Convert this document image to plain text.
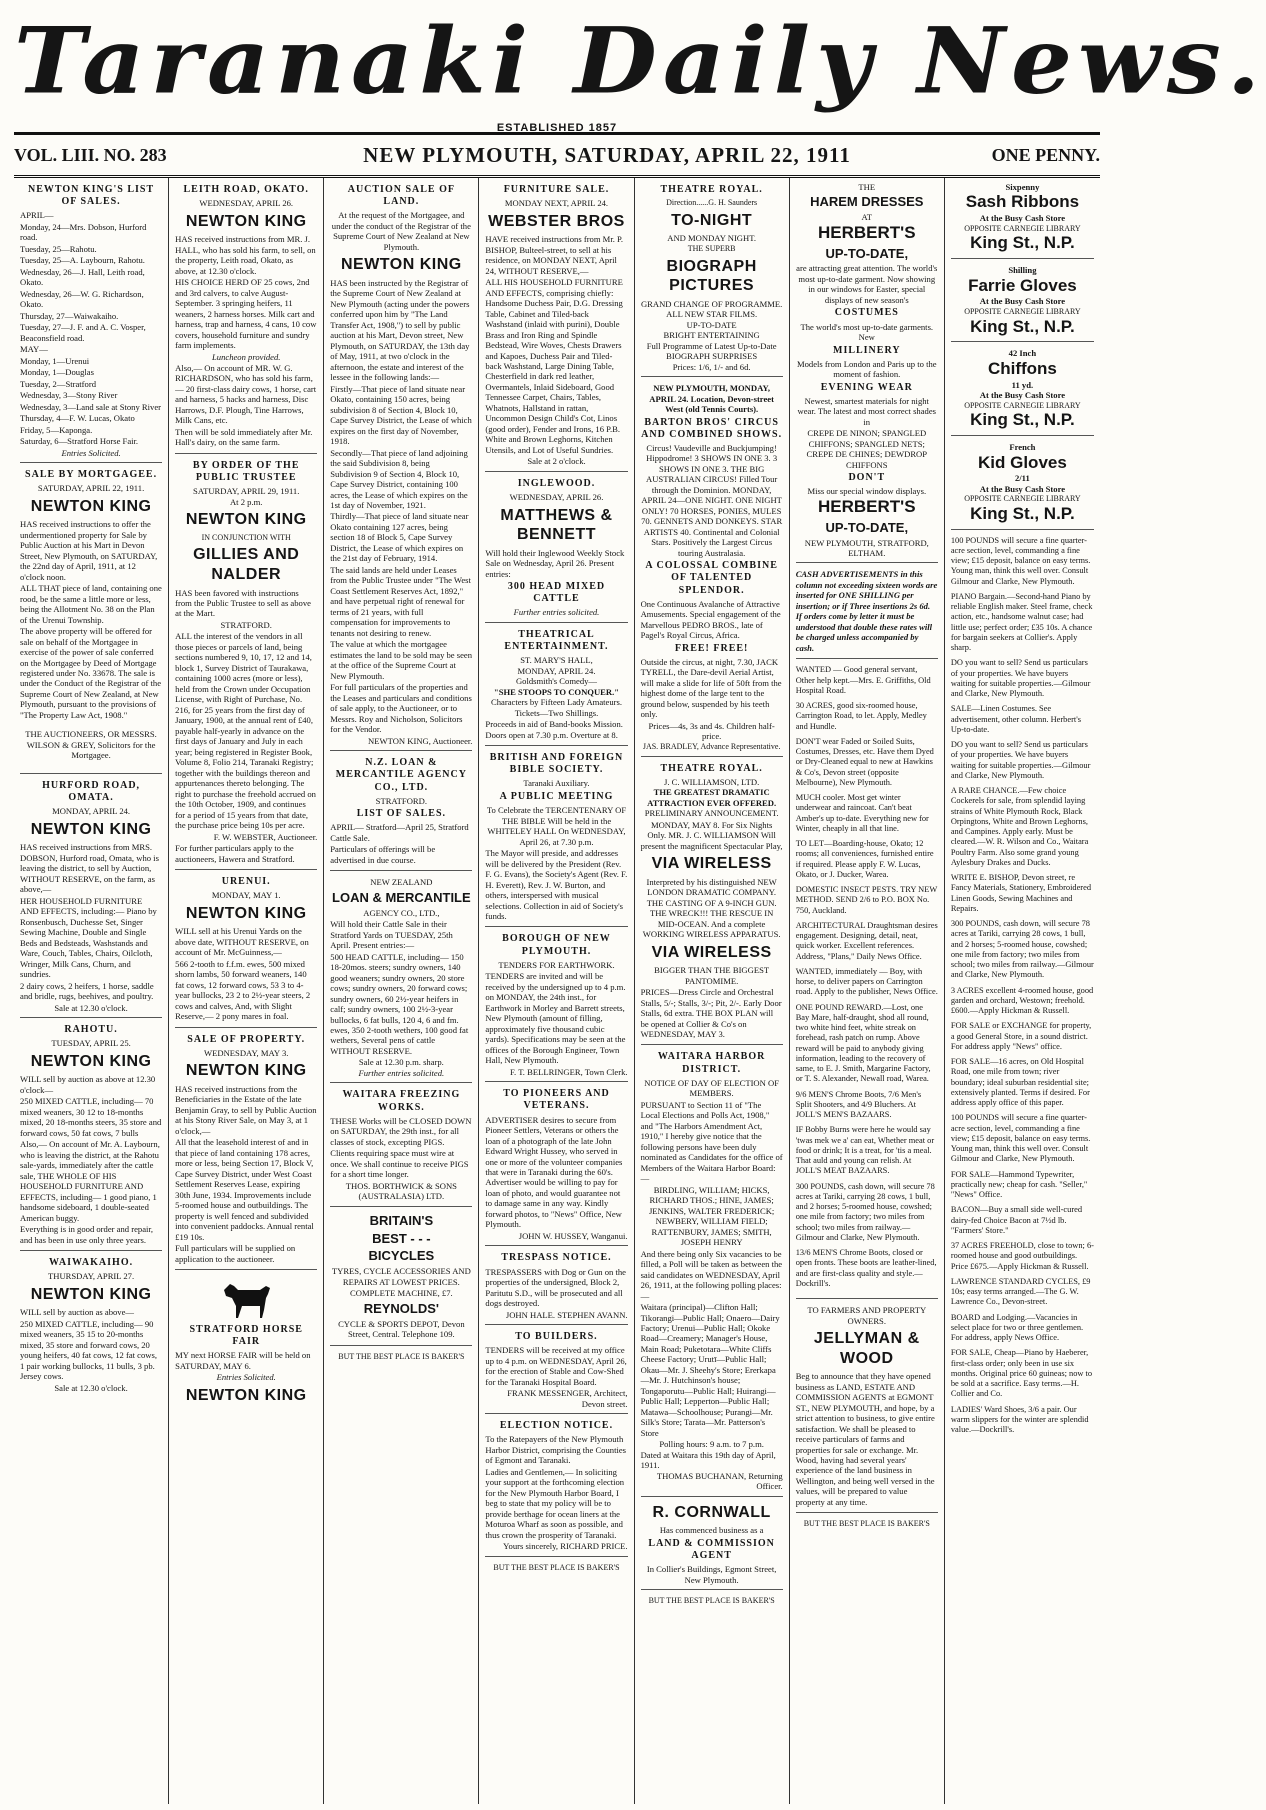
Taranaki Daily News.
ESTABLISHED 1857
VOL. LIII. NO. 283	NEW PLYMOUTH, SATURDAY, APRIL 22, 1911	ONE PENNY.
NEWTON KING'S LIST OF SALES.
APRIL—
Monday, 24—Mrs. Dobson, Hurford road.
Tuesday, 25—Rahotu.
Tuesday, 25—A. Laybourn, Rahotu.
Wednesday, 26—J. Hall, Leith road, Okato.
Wednesday, 26—W. G. Richardson, Okato.
Thursday, 27—Waiwakaiho.
Tuesday, 27—J. F. and A. C. Vosper, Beaconsfield road.
MAY—
Monday, 1—Urenui
Monday, 1—Douglas
Tuesday, 2—Stratford
Wednesday, 3—Stony River
Wednesday, 3—Land sale at Stony River
Thursday, 4—F. W. Lucas, Okato
Friday, 5—Kaponga.
Saturday, 6—Stratford Horse Fair.
Entries Solicited.
SALE BY MORTGAGEE.
SATURDAY, APRIL 22, 1911.
NEWTON KING

HAS received instructions to offer the undermentioned property for Sale by Public Auction at his Mart in Devon Street, New Plymouth, on SATURDAY, the 22nd day of April, 1911, at 12 o'clock noon.

ALL THAT piece of land, containing one rood, be the same a little more or less, being the Allotment No. 38 on the Plan of the Urenui Township.

The above property will be offered for sale on behalf of the Mortgagee in exercise of the power of sale conferred on the Mortgagee by Deed of Mortgage registered under No. 33678. The sale is under the Conduct of the Registrar of the Supreme Court of New Zealand, at New Plymouth, pursuant to the provisions of "The Property Law Act, 1908."

THE AUCTIONEERS, OR MESSRS. WILSON & GREY, Solicitors for the Mortgagee.

HURFORD ROAD, OMATA.
MONDAY, APRIL 24.
NEWTON KING

HAS received instructions from MRS. DOBSON, Hurford road, Omata, who is leaving the district, to sell by Auction, WITHOUT RESERVE, on the farm, as above,—

HER HOUSEHOLD FURNITURE AND EFFECTS, including:— Piano by Ronsenbusch, Duchesse Set, Singer Sewing Machine, Double and Single Beds and Bedsteads, Washstands and Ware, Couch, Tables, Chairs, Oilcloth, Wringer, Milk Cans, Churn, and sundries.

2 dairy cows, 2 heifers, 1 horse, saddle and bridle, rugs, beehives, and poultry.

Sale at 12.30 o'clock.
RAHOTU.
TUESDAY, APRIL 25.
NEWTON KING

WILL sell by auction as above at 12.30 o'clock—

250 MIXED CATTLE, including— 70 mixed weaners, 30 12 to 18-months mixed, 20 18-months steers, 35 store and forward cows, 50 fat cows, 7 bulls

Also,— On account of Mr. A. Laybourn, who is leaving the district, at the Rahotu sale-yards, immediately after the cattle sale, THE WHOLE OF HIS HOUSEHOLD FURNITURE AND EFFECTS, including— 1 good piano, 1 handsome sideboard, 1 double-seated American buggy.

Everything is in good order and repair, and has been in use only three years.

WAIWAKAIHO.
THURSDAY, APRIL 27.
NEWTON KING

WILL sell by auction as above—

250 MIXED CATTLE, including— 90 mixed weaners, 35 15 to 20-months mixed, 35 store and forward cows, 20 young heifers, 40 fat cows, 12 fat cows, 1 pair working bullocks, 11 bulls, 3 pb. Jersey cows.

Sale at 12.30 o'clock.
LEITH ROAD, OKATO.
WEDNESDAY, APRIL 26.
NEWTON KING

HAS received instructions from MR. J. HALL, who has sold his farm, to sell, on the property, Leith road, Okato, as above, at 12.30 o'clock.

HIS CHOICE HERD OF 25 cows, 2nd and 3rd calvers, to calve August-September. 3 springing heifers, 11 weaners, 2 harness horses. Milk cart and harness, trap and harness, 4 cans, 10 cow covers, household furniture and sundry farm implements.

Luncheon provided.

Also,— On account of MR. W. G. RICHARDSON, who has sold his farm,— 20 first-class dairy cows, 1 horse, cart and harness, 5 hacks and harness, Disc Harrows, D.F. Plough, Tine Harrows, Milk Cans, etc.

Then will be sold immediately after Mr. Hall's dairy, on the same farm.

BY ORDER OF THE PUBLIC TRUSTEE
SATURDAY, APRIL 29, 1911.
At 2 p.m.
NEWTON KING
IN CONJUNCTION WITH
GILLIES AND NALDER

HAS been favored with instructions from the Public Trustee to sell as above at the Mart.

STRATFORD.

ALL the interest of the vendors in all those pieces or parcels of land, being sections numbered 9, 10, 17, 12 and 14, block 1, Survey District of Taurakawa, containing 1000 acres (more or less), held from the Crown under Occupation License, with Right of Purchase, No. 216, for 25 years from the first day of January, 1900, at the annual rent of £40, payable half-yearly in advance on the first days of January and July in each year; being registered in Register Book, Volume 8, Folio 214, Taranaki Registry; together with the buildings thereon and appurtenances thereto belonging. The right to purchase the freehold accrued on the 10th October, 1909, and continues for a period of 15 years from that date, the purchase price being 10s per acre.

F. W. WEBSTER, Auctioneer.

For further particulars apply to the auctioneers, Hawera and Stratford.

URENUI.
MONDAY, MAY 1.
NEWTON KING

WILL sell at his Urenui Yards on the above date, WITHOUT RESERVE, on account of Mr. McGuinness,—

566 2-tooth to f.f.m. ewes, 500 mixed shorn lambs, 50 forward weaners, 140 fat cows, 12 forward cows, 53 3 to 4-year bullocks, 23 2 to 2½-year steers, 2 cows and calves, And, with Slight Reserve,— 2 pony mares in foal.

SALE OF PROPERTY.
WEDNESDAY, MAY 3.
NEWTON KING

HAS received instructions from the Beneficiaries in the Estate of the late Benjamin Gray, to sell by Public Auction at his Stony River Sale, on May 3, at 1 o'clock,—

All that the leasehold interest of and in that piece of land containing 178 acres, more or less, being Section 17, Block V, Cape Survey District, under West Coast Settlement Reserves Lease, expiring 30th June, 1934. Improvements include 5-roomed house and outbuildings. The property is well fenced and subdivided into convenient paddocks. Annual rental £19 10s.

Full particulars will be supplied on application to the auctioneer.

STRATFORD HORSE FAIR

MY next HORSE FAIR will be held on SATURDAY, MAY 6.

Entries Solicited.
NEWTON KING
AUCTION SALE OF LAND.

At the request of the Mortgagee, and under the conduct of the Registrar of the Supreme Court of New Zealand at New Plymouth.

NEWTON KING

HAS been instructed by the Registrar of the Supreme Court of New Zealand at New Plymouth (acting under the powers conferred upon him by "The Land Transfer Act, 1908,") to sell by public auction at his Mart, Devon street, New Plymouth, on SATURDAY, the 13th day of May, 1911, at two o'clock in the afternoon, the estate and interest of the lessee in the following lands:—

Firstly—That piece of land situate near Okato, containing 150 acres, being subdivision 8 of Section 4, Block 10, Cape Survey District, the Lease of which expires on the first day of November, 1918.

Secondly—That piece of land adjoining the said Subdivision 8, being Subdivision 9 of Section 4, Block 10, Cape Survey District, containing 100 acres, the Lease of which expires on the 1st day of November, 1921.

Thirdly—That piece of land situate near Okato containing 127 acres, being section 18 of Block 5, Cape Survey District, the Lease of which expires on the 21st day of February, 1914.

The said lands are held under Leases from the Public Trustee under "The West Coast Settlement Reserves Act, 1892," and have perpetual right of renewal for terms of 21 years, with full compensation for improvements to tenants not desiring to renew.

The value at which the mortgagee estimates the land to be sold may be seen at the office of the Supreme Court at New Plymouth.

For full particulars of the properties and the Leases and particulars and conditions of sale apply, to the Auctioneer, or to Messrs. Roy and Nicholson, Solicitors for the Vendor.

NEWTON KING, Auctioneer.
N.Z. LOAN & MERCANTILE AGENCY CO., LTD.
STRATFORD.
LIST OF SALES.

APRIL— Stratford—April 25, Stratford Cattle Sale.

Particulars of offerings will be advertised in due course.

NEW ZEALAND
LOAN & MERCANTILE
AGENCY CO., LTD.,

Will hold their Cattle Sale in their Stratford Yards on TUESDAY, 25th April. Present entries:—

500 HEAD CATTLE, including— 150 18-20mos. steers; sundry owners, 140 good weaners; sundry owners, 20 store cows; sundry owners, 20 forward cows; sundry owners, 60 2½-year heifers in calf; sundry owners, 100 2½-3-year bullocks, 6 fat bulls, 120 4, 6 and fm. ewes, 350 2-tooth wethers, 100 good fat wethers, Several pens of cattle WITHOUT RESERVE.

Sale at 12.30 p.m. sharp.
Further entries solicited.
WAITARA FREEZING WORKS.

THESE Works will be CLOSED DOWN on SATURDAY, the 29th inst., for all classes of stock, excepting PIGS.

Clients requiring space must wire at once. We shall continue to receive PIGS for a short time longer.

THOS. BORTHWICK & SONS (AUSTRALASIA) LTD.
BRITAIN'S
BEST - - -
BICYCLES

TYRES, CYCLE ACCESSORIES AND REPAIRS AT LOWEST PRICES.

COMPLETE MACHINE, £7.
REYNOLDS'

CYCLE & SPORTS DEPOT, Devon Street, Central. Telephone 109.

BUT THE BEST PLACE IS BAKER'S
FURNITURE SALE.
MONDAY NEXT, APRIL 24.
WEBSTER BROS

HAVE received instructions from Mr. P. BISHOP, Bulteel-street, to sell at his residence, on MONDAY NEXT, April 24, WITHOUT RESERVE,—

ALL HIS HOUSEHOLD FURNITURE AND EFFECTS, comprising chiefly: Handsome Duchess Pair, D.G. Dressing Table, Cabinet and Tiled-back Washstand (inlaid with purini), Double Brass and Iron Ring and Spindle Bedstead, Wire Woves, Chests Drawers and Kapoes, Duchess Pair and Tiled-back Washstand, Large Dining Table, Chesterfield in dark red leather, Overmantels, Inlaid Sideboard, Good Tennessee Carpet, Chairs, Tables, Whatnots, Hallstand in rattan, Uncommon Design Child's Cot, Linos (good order), Fender and Irons, 16 P.B. White and Brown Leghorns, Kitchen Utensils, and Lot of Useful Sundries.

Sale at 2 o'clock.
INGLEWOOD.
WEDNESDAY, APRIL 26.
MATTHEWS & BENNETT

Will hold their Inglewood Weekly Stock Sale on Wednesday, April 26. Present entries:

300 HEAD MIXED CATTLE
Further entries solicited.
THEATRICAL ENTERTAINMENT.
ST. MARY'S HALL,
MONDAY, APRIL 24.
Goldsmith's Comedy—
"SHE STOOPS TO CONQUER."
Characters by Fifteen Lady Amateurs.
Tickets—Two Shillings.

Proceeds in aid of Band-books Mission. Doors open at 7.30 p.m. Overture at 8.

BRITISH AND FOREIGN BIBLE SOCIETY.
Taranaki Auxiliary.
A PUBLIC MEETING

To Celebrate the TERCENTENARY OF THE BIBLE Will be held in the WHITELEY HALL On WEDNESDAY, April 26, at 7.30 p.m.

The Mayor will preside, and addresses will be delivered by the President (Rev. F. G. Evans), the Society's Agent (Rev. F. H. Everett), Rev. J. W. Burton, and others, interspersed with musical selections. Collection in aid of Society's funds.

BOROUGH OF NEW PLYMOUTH.
TENDERS FOR EARTHWORK.

TENDERS are invited and will be received by the undersigned up to 4 p.m. on MONDAY, the 24th inst., for Earthwork in Morley and Barrett streets, New Plymouth (amount of filling, approximately five thousand cubic yards). Specifications may be seen at the offices of the Borough Engineer, Town Hall, New Plymouth.

F. T. BELLRINGER, Town Clerk.
TO PIONEERS AND VETERANS.

ADVERTISER desires to secure from Pioneer Settlers, Veterans or others the loan of a photograph of the late John Edward Wright Hussey, who served in one or more of the volunteer companies that were in Taranaki during the 60's. Advertiser would be willing to pay for loan of photo, and would guarantee not to damage same in any way. Kindly forward photos, to "News" Office, New Plymouth.

JOHN W. HUSSEY, Wanganui.
TRESPASS NOTICE.

TRESPASSERS with Dog or Gun on the properties of the undersigned, Block 2, Paritutu S.D., will be prosecuted and all dogs destroyed.

JOHN HALE. STEPHEN AVANN.
TO BUILDERS.

TENDERS will be received at my office up to 4 p.m. on WEDNESDAY, April 26, for the erection of Stable and Cow-Shed for the Taranaki Hospital Board.

FRANK MESSENGER, Architect, Devon street.
ELECTION NOTICE.

To the Ratepayers of the New Plymouth Harbor District, comprising the Counties of Egmont and Taranaki.

Ladies and Gentlemen,— In soliciting your support at the forthcoming election for the New Plymouth Harbor Board, I beg to state that my policy will be to provide berthage for ocean liners at the Moturoa Wharf as soon as possible, and thus crown the prosperity of Taranaki.

Yours sincerely, RICHARD PRICE.
BUT THE BEST PLACE IS BAKER'S
THEATRE ROYAL.
Direction......G. H. Saunders
TO-NIGHT
AND MONDAY NIGHT.
THE SUPERB
BIOGRAPH PICTURES
GRAND CHANGE OF PROGRAMME.
ALL NEW STAR FILMS.
UP-TO-DATE
BRIGHT ENTERTAINING
Full Programme of Latest Up-to-Date BIOGRAPH SURPRISES
Prices: 1/6, 1/- and 6d.
NEW PLYMOUTH, MONDAY, APRIL 24. Location, Devon-street West (old Tennis Courts).
BARTON BROS' CIRCUS AND COMBINED SHOWS.

Circus! Vaudeville and Buckjumping! Hippodrome! 3 SHOWS IN ONE 3. 3 SHOWS IN ONE 3. THE BIG AUSTRALIAN CIRCUS! Filled Tour through the Dominion. MONDAY, APRIL 24—ONE NIGHT. ONE NIGHT ONLY! 70 HORSES, PONIES, MULES 70. GENNETS AND DONKEYS. STAR ARTISTS 40. Continental and Colonial Stars. Positively the Largest Circus touring Australasia.

A COLOSSAL COMBINE OF TALENTED SPLENDOR.

One Continuous Avalanche of Attractive Amusements. Special engagement of the Marvellous PEDRO BROS., late of Pagel's Royal Circus, Africa.

FREE! FREE!

Outside the circus, at night, 7.30, JACK TYRELL, the Dare-devil Aerial Artist, will make a slide for life of 50ft from the highest dome of the large tent to the ground below, suspended by his teeth only.

Prices—4s, 3s and 4s. Children half-price.
JAS. BRADLEY, Advance Representative.
THEATRE ROYAL.
J. C. WILLIAMSON, LTD.
THE GREATEST DRAMATIC ATTRACTION EVER OFFERED.
PRELIMINARY ANNOUNCEMENT.

MONDAY, MAY 8. For Six Nights Only. MR. J. C. WILLIAMSON Will present the magnificent Spectacular Play,

VIA WIRELESS

Interpreted by his distinguished NEW LONDON DRAMATIC COMPANY. THE CASTING OF A 9-INCH GUN. THE WRECK!!! THE RESCUE IN MID-OCEAN. And a complete WORKING WIRELESS APPARATUS.

VIA WIRELESS
BIGGER THAN THE BIGGEST PANTOMIME.

PRICES—Dress Circle and Orchestral Stalls, 5/-; Stalls, 3/-; Pit, 2/-. Early Door Stalls, 6d extra. THE BOX PLAN will be opened at Collier & Co's on WEDNESDAY, MAY 3.

WAITARA HARBOR DISTRICT.
NOTICE OF DAY OF ELECTION OF MEMBERS.

PURSUANT to Section 11 of "The Local Elections and Polls Act, 1908," and "The Harbors Amendment Act, 1910," I hereby give notice that the following persons have been duly nominated as Candidates for the office of Members of the Waitara Harbor Board:—

BIRDLING, WILLIAM; HICKS, RICHARD THOS.; HINE, JAMES; JENKINS, WALTER FREDERICK; NEWBERY, WILLIAM FIELD; RATTENBURY, JAMES; SMITH, JOSEPH HENRY

And there being only Six vacancies to be filled, a Poll will be taken as between the said candidates on WEDNESDAY, April 26, 1911, at the following polling places:—

Waitara (principal)—Clifton Hall; Tikorangi—Public Hall; Onaero—Dairy Factory; Urenui—Public Hall; Okoke Road—Creamery; Manager's House, Main Road; Puketotara—White Cliffs Cheese Factory; Urutī—Public Hall; Okau—Mr. J. Sheehy's Store; Ererkapa—Mr. J. Hutchinson's house; Tongaporutu—Public Hall; Huirangi—Public Hall; Lepperton—Public Hall; Matawa—Schoolhouse; Purangi—Mr. Silk's Store; Tarata—Mr. Patterson's Store

Polling hours: 9 a.m. to 7 p.m.
Dated at Waitara this 19th day of April, 1911.
THOMAS BUCHANAN, Returning Officer.
R. CORNWALL
Has commenced business as a
LAND & COMMISSION AGENT
In Collier's Buildings, Egmont Street, New Plymouth.
BUT THE BEST PLACE IS BAKER'S
THE
HAREM DRESSES
AT
HERBERT'S
UP-TO-DATE,

are attracting great attention. The world's most up-to-date garment. Now showing in our windows for Easter, special displays of new season's

COSTUMES

The world's most up-to-date garments. New

MILLINERY

Models from London and Paris up to the moment of fashion.

EVENING WEAR

Newest, smartest materials for night wear. The latest and most correct shades in

CREPE DE NINON; SPANGLED CHIFFONS; SPANGLED NETS; CREPE DE CHINES; DEWDROP CHIFFONS

DON'T
Miss our special window displays.
HERBERT'S
UP-TO-DATE,
NEW PLYMOUTH, STRATFORD, ELTHAM.

CASH ADVERTISEMENTS in this column not exceeding sixteen words are inserted for ONE SHILLING per insertion; or if Three insertions 2s 6d. If orders come by letter it must be understood that double these rates will be charged unless accompanied by cash.

WANTED — Good general servant, Other help kept.—Mrs. E. Griffiths, Old Hospital Road.

30 ACRES, good six-roomed house, Carrington Road, to let. Apply, Medley and Hundle.

DON'T wear Faded or Soiled Suits, Costumes, Dresses, etc. Have them Dyed or Dry-Cleaned equal to new at Hawkins & Co's, Devon street (opposite Melbourne), New Plymouth.

MUCH cooler. Most get winter underwear and raincoat. Can't beat Amber's up to-date. Everything new for Winter, cheaply in all that line.

TO LET—Boarding-house, Okato; 12 rooms; all conveniences, furnished entire if required. Please apply F. W. Lucas, Okato, or J. Ducker, Warea.

DOMESTIC INSECT PESTS. TRY NEW METHOD. SEND 2/6 to P.O. BOX No. 750, Auckland.

ARCHITECTURAL Draughtsman desires engagement. Designing, detail, neat, quick worker. Excellent references. Address, "Plans," Daily News Office.

WANTED, immediately — Boy, with horse, to deliver papers on Carrington road. Apply to the publisher, News Office.

ONE POUND REWARD.—Lost, one Bay Mare, half-draught, shod all round, two white hind feet, white streak on forehead, rash patch on rump. Above reward will be paid to anybody giving information, leading to the recovery of same, to E. J. Smith, Margarine Factory, or T. S. Alexander, Newall road, Warea.

9/6 MEN'S Chrome Boots, 7/6 Men's Split Shooters, and 4/9 Bluchers. At JOLL'S MEN'S BAZAARS.

IF Bobby Burns were here he would say 'twas mek we a' can eat, Whether meat or food or drink; It is a treat, for 'tis a meal. That auld and young can relish. At JOLL'S MEAT BAZAARS.

300 POUNDS, cash down, will secure 78 acres at Tariki, carrying 28 cows, 1 bull, and 2 horses; 5-roomed house, cowshed; one mile from factory; two miles from school; two miles from railway.—Gilmour and Clarke, New Plymouth.

13/6 MEN'S Chrome Boots, closed or open fronts. These boots are leather-lined, and are first-class quality and style.—Dockrill's.

TO FARMERS AND PROPERTY OWNERS.
JELLYMAN & WOOD

Beg to announce that they have opened business as LAND, ESTATE AND COMMISSION AGENTS at EGMONT ST., NEW PLYMOUTH, and hope, by a strict attention to business, to give entire satisfaction. We shall be pleased to receive particulars of farms and properties for sale or exchange. Mr. Wood, having had several years' experience of the land business in Wellington, and being well versed in the values, will be prepared to value property at any time.

BUT THE BEST PLACE IS BAKER'S
Sixpenny
Sash Ribbons
At the Busy Cash Store
OPPOSITE CARNEGIE LIBRARY
King St., N.P.
Shilling
Farrie Gloves
At the Busy Cash Store
OPPOSITE CARNEGIE LIBRARY
King St., N.P.
42 Inch
Chiffons
11 yd.
At the Busy Cash Store
OPPOSITE CARNEGIE LIBRARY
King St., N.P.
French
Kid Gloves
2/11
At the Busy Cash Store
OPPOSITE CARNEGIE LIBRARY
King St., N.P.

100 POUNDS will secure a fine quarter-acre section, level, commanding a fine view; £15 deposit, balance on easy terms. Young man, think this well over. Consult Gilmour and Clarke, New Plymouth.

PIANO Bargain.—Second-hand Piano by reliable English maker. Steel frame, check action, etc., handsome walnut case; had little use; perfect order; £35 10s. A chance for bargain seekers at Collier's. Apply sharp.

DO you want to sell? Send us particulars of your properties. We have buyers waiting for suitable properties.—Gilmour and Clarke, New Plymouth.

SALE—Linen Costumes. See advertisement, other column. Herbert's Up-to-date.

DO you want to sell? Send us particulars of your properties. We have buyers waiting for suitable properties.—Gilmour and Clarke, New Plymouth.

A RARE CHANCE.—Few choice Cockerels for sale, from splendid laying strains of White Plymouth Rock, Black Orpingtons, White and Brown Leghorns, and Campines. Apply early. Must be cleared.—W. R. Wilson and Co., Waitara Poultry Farm. Also some grand young Aylesbury Drakes and Ducks.

WRITE E. BISHOP, Devon street, re Fancy Materials, Stationery, Embroidered Linen Goods, Sewing Machines and Repairs.

300 POUNDS, cash down, will secure 78 acres at Tariki, carrying 28 cows, 1 bull, and 2 horses; 5-roomed house, cowshed; one mile from factory; two miles from school; two miles from railway.—Gilmour and Clarke, New Plymouth.

3 ACRES excellent 4-roomed house, good garden and orchard, Westown; freehold. £600.—Apply Hickman & Russell.

FOR SALE or EXCHANGE for property, a good General Store, in a sound district. For address apply "News" office.

FOR SALE—16 acres, on Old Hospital Road, one mile from town; river boundary; ideal suburban residential site; extensively planted. Terms if desired. For address apply office of this paper.

100 POUNDS will secure a fine quarter-acre section, level, commanding a fine view; £15 deposit, balance on easy terms. Young man, think this well over. Consult Gilmour and Clarke, New Plymouth.

FOR SALE—Hammond Typewriter, practically new; cheap for cash. "Seller," "News" Office.

BACON—Buy a small side well-cured dairy-fed Choice Bacon at 7½d lb. "Farmers' Store."

37 ACRES FREEHOLD, close to town; 6-roomed house and good outbuildings. Price £675.—Apply Hickman & Russell.

LAWRENCE STANDARD CYCLES, £9 10s; easy terms arranged.—The G. W. Lawrence Co., Devon-street.

BOARD and Lodging.—Vacancies in select place for two or three gentlemen. For address, apply News Office.

FOR SALE, Cheap—Piano by Haeberer, first-class order; only been in use six months. Original price 60 guineas; now to be sold at a sacrifice. Easy terms.—H. Collier and Co.

LADIES' Ward Shoes, 3/6 a pair. Our warm slippers for the winter are splendid value.—Dockrill's.
